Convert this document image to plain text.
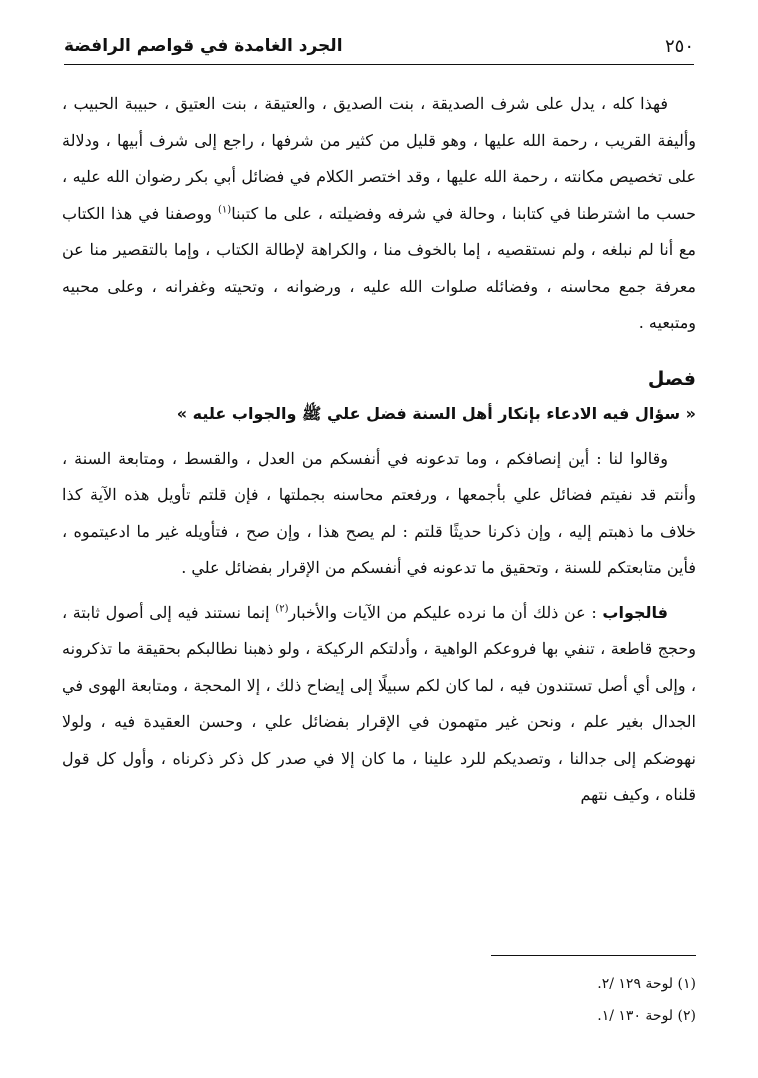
الجرد الغامدة في قواصم الرافضة	٢٥٠

فهذا كله ، يدل على شرف الصديقة ، بنت الصديق ، والعتيقة ، بنت العتيق ، حبيبة الحبيب ، وأليفة القريب ، رحمة الله عليها ، وهو قليل من كثير من شرفها ، راجع إلى شرف أبيها ، ودلالة على تخصيص مكانته ، رحمة الله عليها ، وقد اختصر الكلام في فضائل أبي بكر رضوان الله عليه ، حسب ما اشترطنا في كتابنا ، وحالة في شرفه وفضيلته ، على ما كتبنا$^{(١)}$ ووصفنا في هذا الكتاب مع أنا لم نبلغه ، ولم نستقصيه ، إما بالخوف منا ، والكراهة لإطالة الكتاب ، وإما بالتقصير منا عن معرفة جمع محاسنه ، وفضائله صلوات الله عليه ، ورضوانه ، وتحيته وغفرانه ، وعلى محبيه ومتبعيه .

فصل
« سؤال فيه الادعاء بإنكار أهل السنة فضل علي ﷺ والجواب عليه »

وقالوا لنا : أين إنصافكم ، وما تدعونه في أنفسكم من العدل ، والقسط ، ومتابعة السنة ، وأنتم قد نفيتم فضائل علي بأجمعها ، ورفعتم محاسنه بجملتها ، فإن قلتم تأويل هذه الآية كذا خلاف ما ذهبتم إليه ، وإن ذكرنا حديثًا قلتم : لم يصح هذا ، وإن صح ، فتأويله غير ما ادعيتموه ، فأين متابعتكم للسنة ، وتحقيق ما تدعونه في أنفسكم من الإقرار بفضائل علي .

فالجواب : عن ذلك أن ما نرده عليكم من الآيات والأخبار$^{(٢)}$ إنما نستند فيه إلى أصول ثابتة ، وحجج قاطعة ، تنفي بها فروعكم الواهية ، وأدلتكم الركيكة ، ولو ذهبنا نطالبكم بحقيقة ما تذكرونه ، وإلى أي أصل تستندون فيه ، لما كان لكم سبيلًا إلى إيضاح ذلك ، إلا المحجة ، ومتابعة الهوى في الجدال بغير علم ، ونحن غير متهمون في الإقرار بفضائل علي ، وحسن العقيدة فيه ، ولولا نهوضكم إلى جدالنا ، وتصديكم للرد علينا ، ما كان إلا في صدر كل ذكر ذكرناه ، وأول كل قول قلناه ، وكيف نتهم

(١) لوحة ١٢٩ /٢.

(٢) لوحة ١٣٠ /١.
